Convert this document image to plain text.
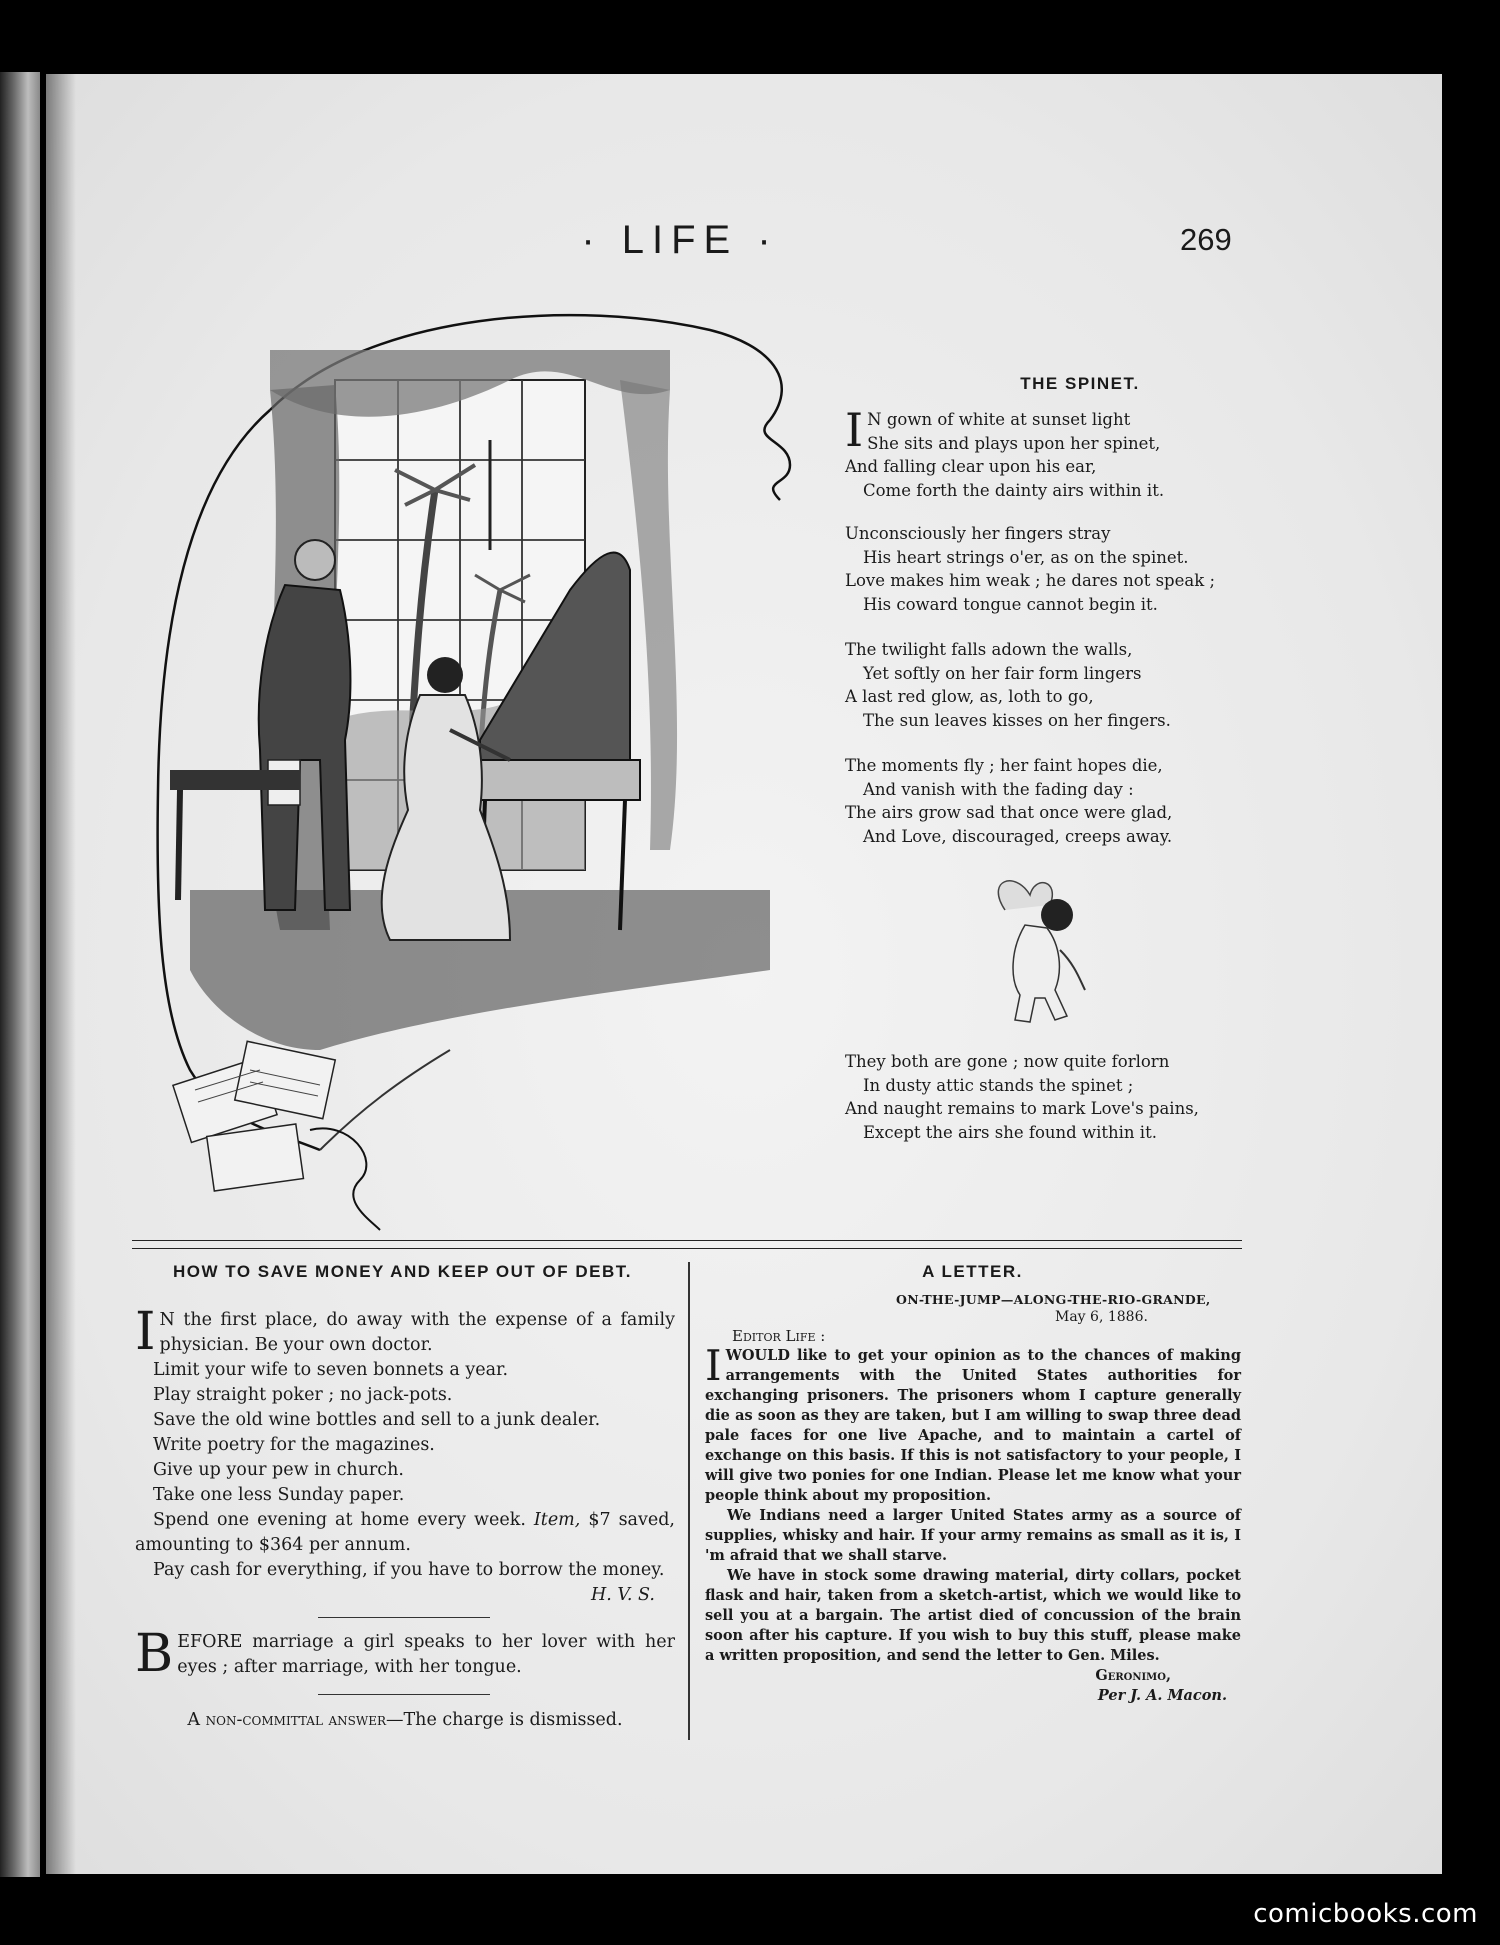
· LIFE ·	269
THE SPINET.
I N gown of white at sunset light
She sits and plays upon her spinet,
And falling clear upon his ear,
Come forth the dainty airs within it.
Unconsciously her fingers stray
His heart strings o'er, as on the spinet.
Love makes him weak ; he dares not speak ;
His coward tongue cannot begin it.
The twilight falls adown the walls,
Yet softly on her fair form lingers
A last red glow, as, loth to go,
The sun leaves kisses on her fingers.
The moments fly ; her faint hopes die,
And vanish with the fading day :
The airs grow sad that once were glad,
And Love, discouraged, creeps away.
They both are gone ; now quite forlorn
In dusty attic stands the spinet ;
And naught remains to mark Love's pains,
Except the airs she found within it.
HOW TO SAVE MONEY AND KEEP OUT OF DEBT.
I N the first place, do away with the expense of a family physician. Be your own doctor.
Limit your wife to seven bonnets a year.
Play straight poker ; no jack-pots.
Save the old wine bottles and sell to a junk dealer.
Write poetry for the magazines.
Give up your pew in church.
Take one less Sunday paper.
Spend one evening at home every week. Item, $7 saved, amounting to $364 per annum.
Pay cash for everything, if you have to borrow the money.
H. V. S.
B EFORE marriage a girl speaks to her lover with her eyes ; after marriage, with her tongue.
A non-committal answer—The charge is dismissed.
A LETTER.
ON-THE-JUMP—ALONG-THE-RIO-GRANDE,
May 6, 1886.
Editor Life :
I WOULD like to get your opinion as to the chances of making arrangements with the United States authorities for exchanging prisoners. The prisoners whom I capture generally die as soon as they are taken, but I am willing to swap three dead pale faces for one live Apache, and to maintain a cartel of exchange on this basis. If this is not satisfactory to your people, I will give two ponies for one Indian. Please let me know what your people think about my proposition.
We Indians need a larger United States army as a source of supplies, whisky and hair. If your army remains as small as it is, I 'm afraid that we shall starve.
We have in stock some drawing material, dirty collars, pocket flask and hair, taken from a sketch-artist, which we would like to sell you at a bargain. The artist died of concussion of the brain soon after his capture. If you wish to buy this stuff, please make a written proposition, and send the letter to Gen. Miles.
Geronimo,
Per J. A. Macon.
comicbooks.com
